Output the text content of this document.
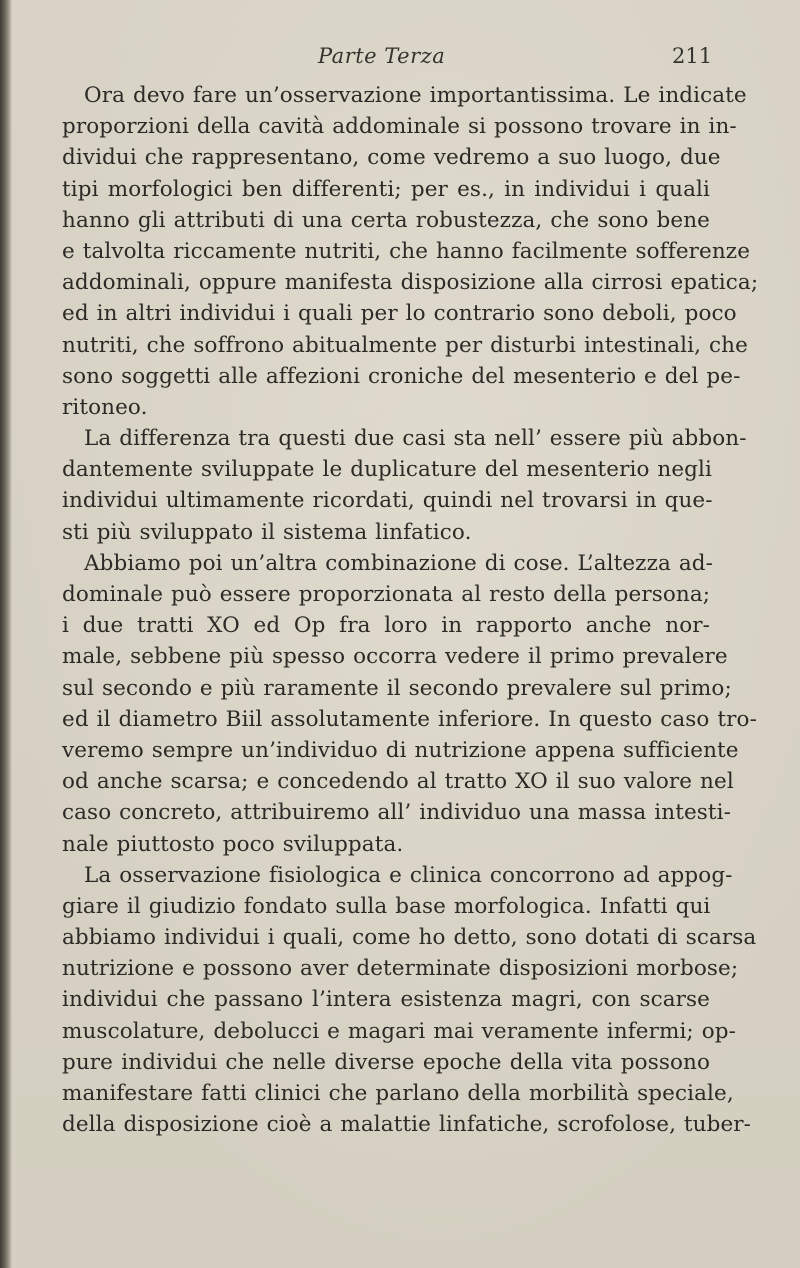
Parte Terza	211
Ora devo fare un’osservazione importantissima. Le indicate
proporzioni della cavità addominale si possono trovare in in-
dividui che rappresentano, come vedremo a suo luogo, due
tipi morfologici ben differenti; per es., in individui i quali
hanno gli attributi di una certa robustezza, che sono bene
e talvolta riccamente nutriti, che hanno facilmente sofferenze
addominali, oppure manifesta disposizione alla cirrosi epatica;
ed in altri individui i quali per lo contrario sono deboli, poco
nutriti, che soffrono abitualmente per disturbi intestinali, che
sono soggetti alle affezioni croniche del mesenterio e del pe-
ritoneo.
La differenza tra questi due casi sta nell’ essere più abbon-
dantemente sviluppate le duplicature del mesenterio negli
individui ultimamente ricordati, quindi nel trovarsi in que-
sti più sviluppato il sistema linfatico.
Abbiamo poi un’altra combinazione di cose. L’altezza ad-
dominale può essere proporzionata al resto della persona;
i due tratti XO ed Op fra loro in rapporto anche nor-
male, sebbene più spesso occorra vedere il primo prevalere
sul secondo e più raramente il secondo prevalere sul primo;
ed il diametro Biil assolutamente inferiore. In questo caso tro-
veremo sempre un’individuo di nutrizione appena sufficiente
od anche scarsa; e concedendo al tratto XO il suo valore nel
caso concreto, attribuiremo all’ individuo una massa intesti-
nale piuttosto poco sviluppata.
La osservazione fisiologica e clinica concorrono ad appog-
giare il giudizio fondato sulla base morfologica. Infatti qui
abbiamo individui i quali, come ho detto, sono dotati di scarsa
nutrizione e possono aver determinate disposizioni morbose;
individui che passano l’intera esistenza magri, con scarse
muscolature, debolucci e magari mai veramente infermi; op-
pure individui che nelle diverse epoche della vita possono
manifestare fatti clinici che parlano della morbilità speciale,
della disposizione cioè a malattie linfatiche, scrofolose, tuber-
